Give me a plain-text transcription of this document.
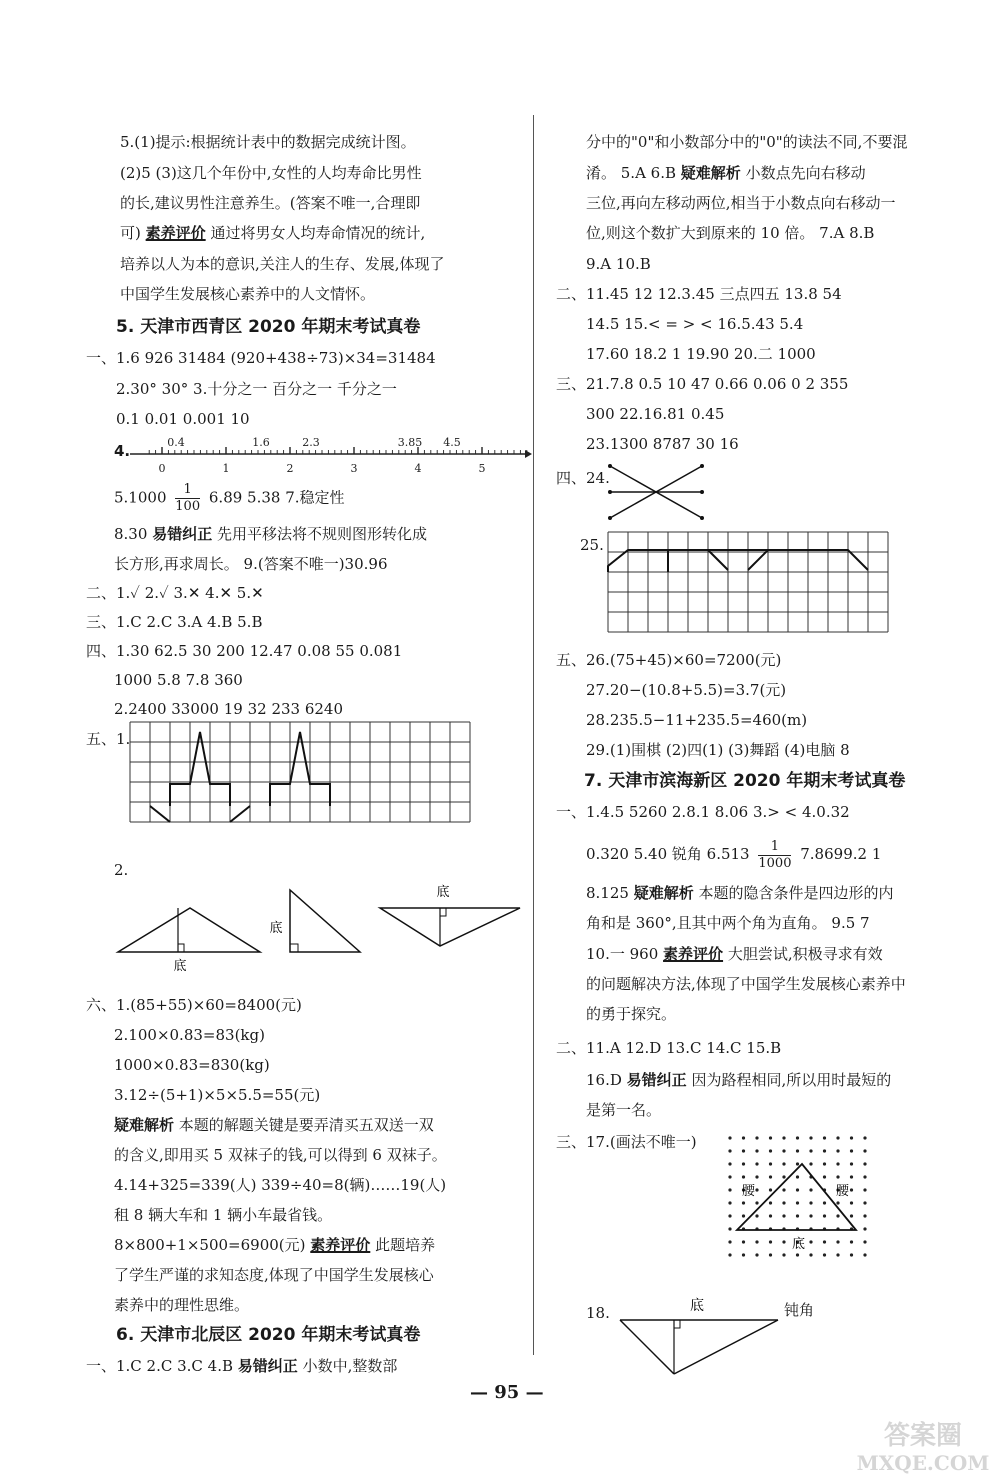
5.(1)提示:根据统计表中的数据完成统计图。
(2)5 (3)这几个年份中,女性的人均寿命比男性
的长,建议男性注意养生。(答案不唯一,合理即
可) 素养评价 通过将男女人均寿命情况的统计,
培养以人为本的意识,关注人的生存、发展,体现了
中国学生发展核心素养中的人文情怀。
5. 天津市西青区 2020 年期末考试真卷
一、1.6 926 31484 (920+438÷73)×34=31484
2.30° 30° 3.十分之一 百分之一 千分之一
0.1 0.01 0.001 10
4.	0.4	1.6	2.3	3.85 4.5
0	1	2	3	4	5
$5.1000 \frac{1}{100} 6.89$ 5.38 7.稳定性
8.30 易错纠正 先用平移法将不规则图形转化成
长方形,再求周长。 9.(答案不唯一)30.96
二、1.✓ 2.✓ 3.✕ 4.✕ 5.✕
三、1.C 2.C 3.A 4.B 5.B
四、1.30 62.5 30 200 12.47 0.08 55 0.081
1000 5.8 7.8 360
2.2400 33000 19 32 233 6240
五、1.
2.
底
底
底
六、1.(85+55)×60=8400(元)
2.100×0.83=83(kg)
1000×0.83=830(kg)
3.12÷(5+1)×5×5.5=55(元)
疑难解析 本题的解题关键是要弄清买五双送一双
的含义,即用买 5 双袜子的钱,可以得到 6 双袜子。
4.14+325=339(人) 339÷40=8(辆)……19(人)
租 8 辆大车和 1 辆小车最省钱。
8×800+1×500=6900(元) 素养评价 此题培养
了学生严谨的求知态度,体现了中国学生发展核心
素养中的理性思维。
6. 天津市北辰区 2020 年期末考试真卷
一、1.C 2.C 3.C 4.B 易错纠正 小数中,整数部
分中的"0"和小数部分中的"0"的读法不同,不要混
淆。 5.A 6.B 疑难解析 小数点先向右移动
三位,再向左移动两位,相当于小数点向右移动一
位,则这个数扩大到原来的 10 倍。 7.A 8.B
9.A 10.B
二、11.45 12 12.3.45 三点四五 13.8 54
14.5 15.< = > < 16.5.43 5.4
17.60 18.2 1 19.90 20.二 1000
三、21.7.8 0.5 10 47 0.66 0.06 0 2 355
300 22.16.81 0.45
23.1300 8787 30 16
四、24.
25.
五、26.(75+45)×60=7200(元)
27.20−(10.8+5.5)=3.7(元)
28.235.5−11+235.5=460(m)
29.(1)围棋 (2)四(1) (3)舞蹈 (4)电脑 8
7. 天津市滨海新区 2020 年期末考试真卷
一、1.4.5 5260 2.8.1 8.06 3.> < 4.0.32
0.320 5.40 锐角 $6.513 \frac{1}{1000} 7.8699.2$ 1
8.125 疑难解析 本题的隐含条件是四边形的内
角和是 360°,且其中两个角为直角。 9.5 7
10.一 960 素养评价 大胆尝试,积极寻求有效
的问题解决方法,体现了中国学生发展核心素养中
的勇于探究。
二、11.A 12.D 13.C 14.C 15.B
16.D 易错纠正 因为路程相同,所以用时最短的
是第一名。
三、17.(画法不唯一)
腰	腰
底
18.	底	钝角
— 95 —
答案圈
MXQE.COM
